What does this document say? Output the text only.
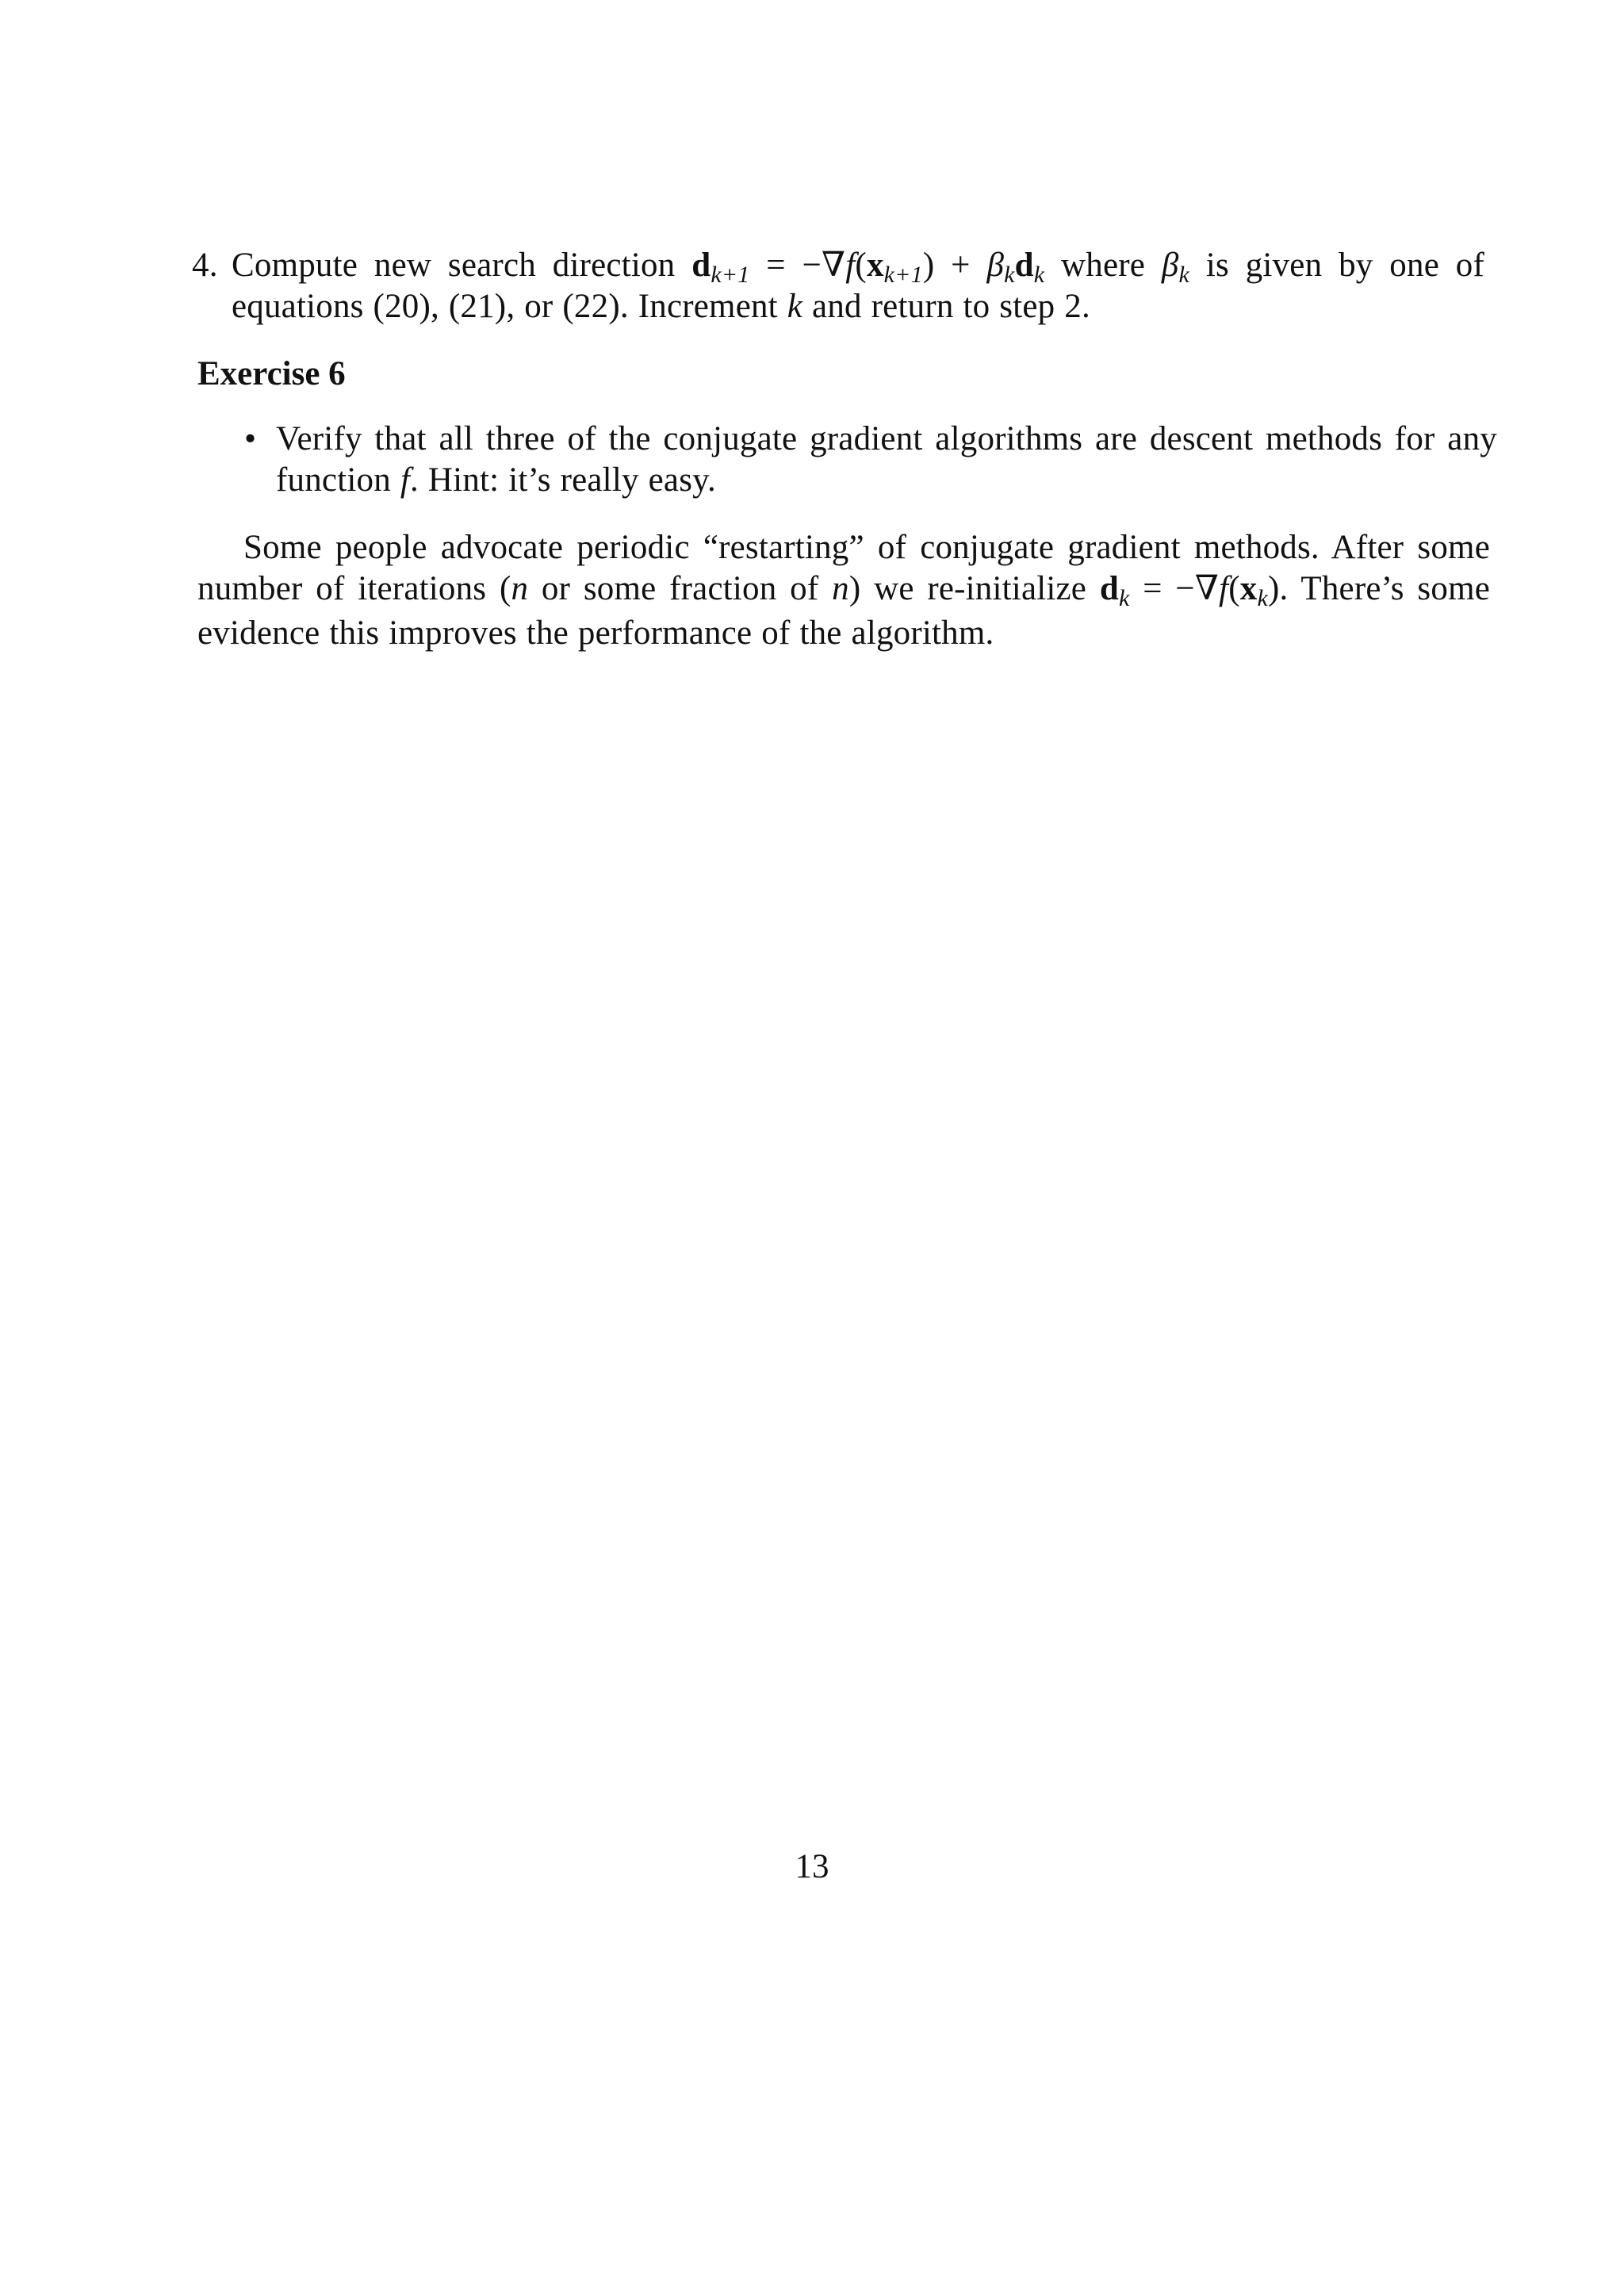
4. Compute new search direction dk+1 = −∇f(xk+1) + βkdk where βk is given by one of
equations (20), (21), or (22). Increment k and return to step 2.
Exercise 6
• Verify that all three of the conjugate gradient algorithms are descent methods for any
function f. Hint: it’s really easy.
Some people advocate periodic “restarting” of conjugate gradient methods. After some
number of iterations (n or some fraction of n) we re-initialize dk = −∇f(xk). There’s some
evidence this improves the performance of the algorithm.
13
